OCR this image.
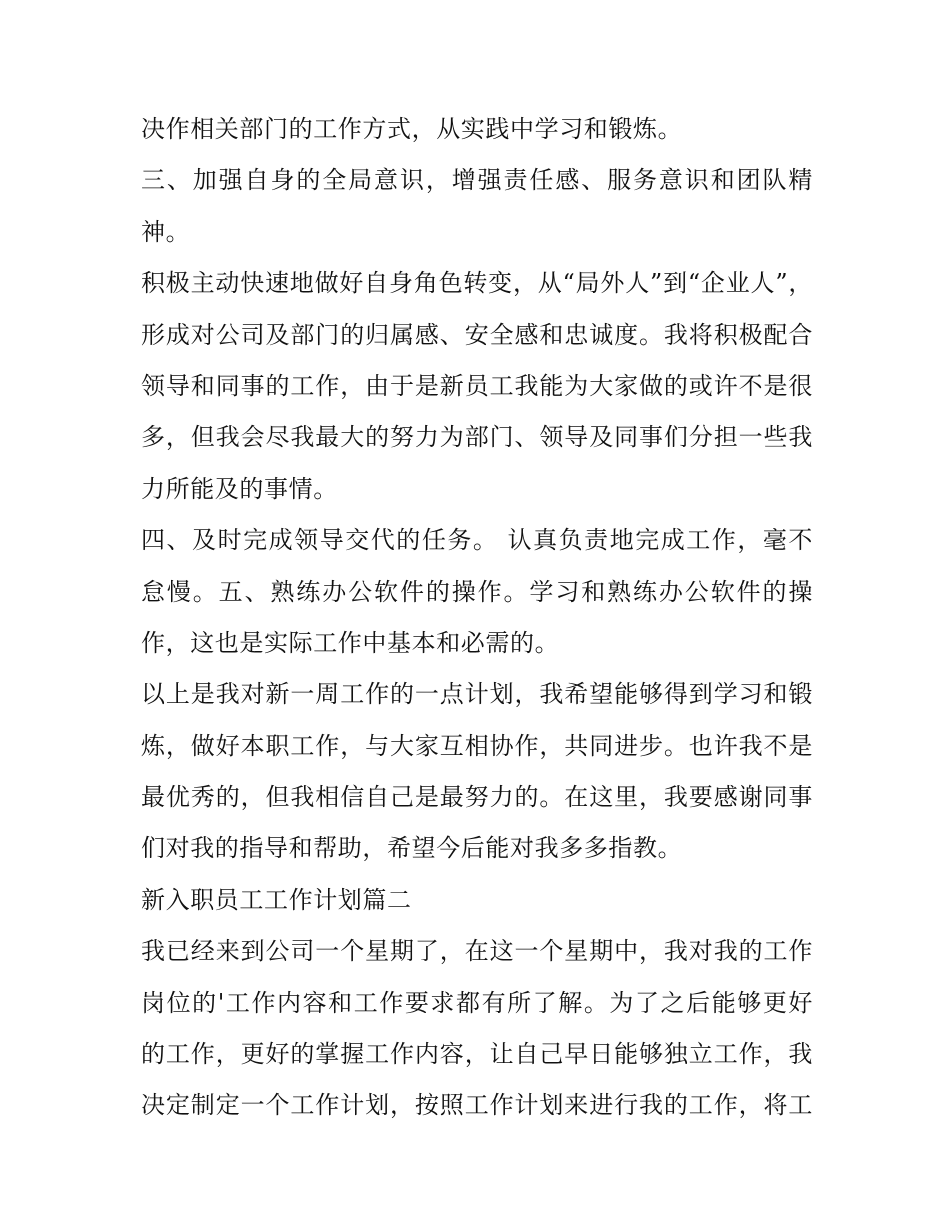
决作相关部门的工作方式，从实践中学习和锻炼。
三、加强自身的全局意识，增强责任感、服务意识和团队精
神。
积极主动快速地做好自身角色转变，从“局外人”到“企业人”，
形成对公司及部门的归属感、安全感和忠诚度。我将积极配合
领导和同事的工作，由于是新员工我能为大家做的或许不是很
多，但我会尽我最大的努力为部门、领导及同事们分担一些我
力所能及的事情。
四、及时完成领导交代的任务。 认真负责地完成工作，毫不
怠慢。五、熟练办公软件的操作。学习和熟练办公软件的操
作，这也是实际工作中基本和必需的。
以上是我对新一周工作的一点计划，我希望能够得到学习和锻
炼，做好本职工作，与大家互相协作，共同进步。也许我不是
最优秀的，但我相信自己是最努力的。在这里，我要感谢同事
们对我的指导和帮助，希望今后能对我多多指教。
新入职员工工作计划篇二
我已经来到公司一个星期了，在这一个星期中，我对我的工作
岗位的'工作内容和工作要求都有所了解。为了之后能够更好
的工作，更好的掌握工作内容，让自己早日能够独立工作，我
决定制定一个工作计划，按照工作计划来进行我的工作，将工
